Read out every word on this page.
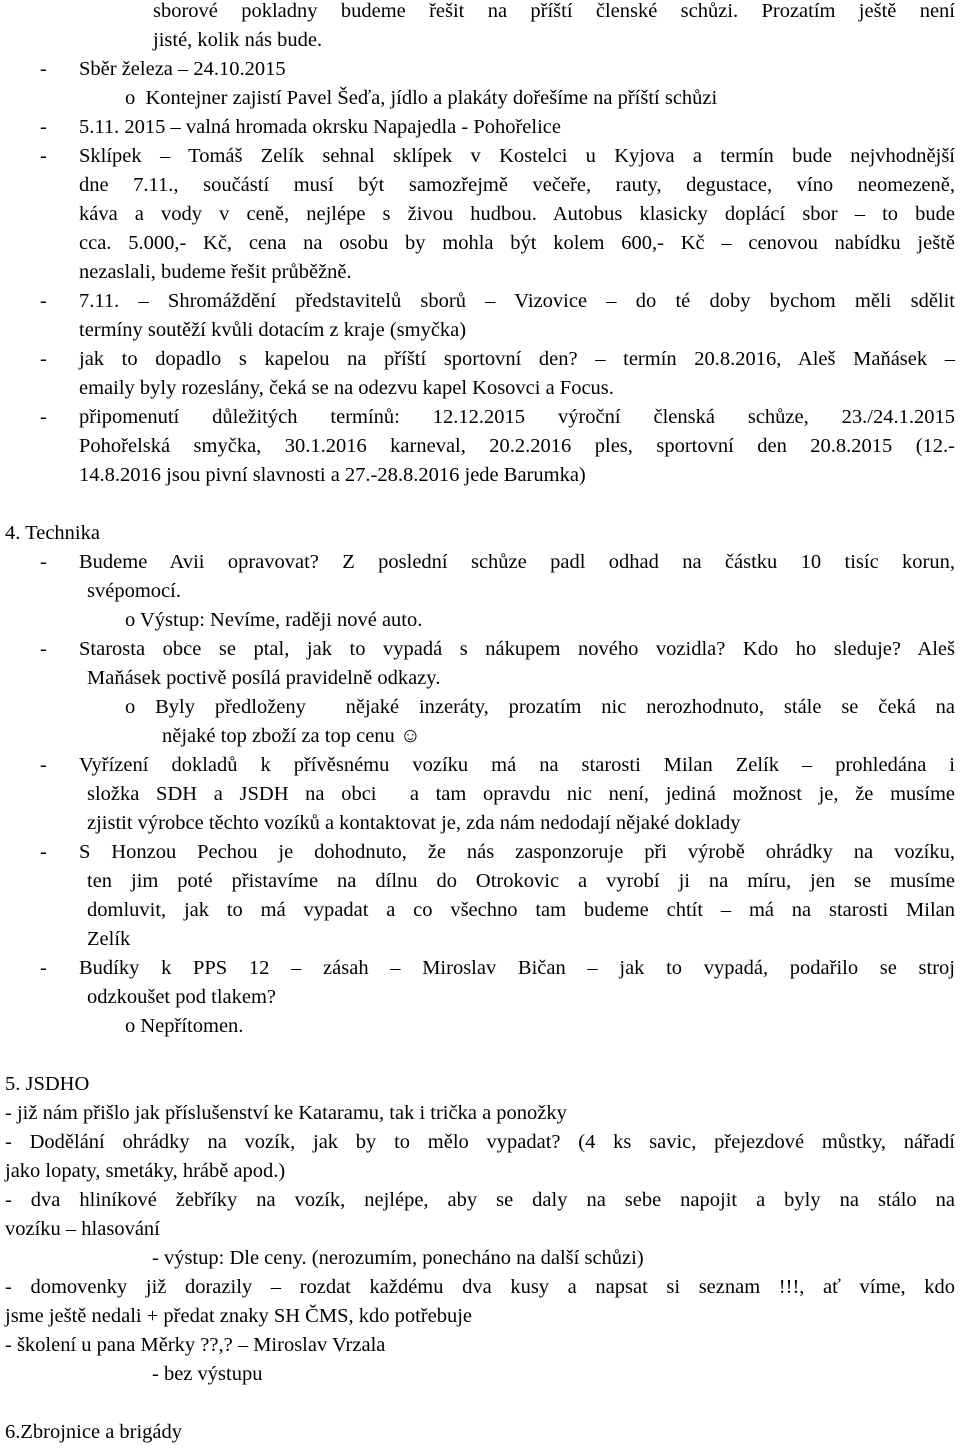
sborové pokladny budeme řešit na příští členské schůzi. Prozatím ještě není
jisté, kolik nás bude.
- Sběr železa – 24.10.2015
o  Kontejner zajistí Pavel Šeďa, jídlo a plakáty dořešíme na příští schůzi
- 5.11. 2015 – valná hromada okrsku Napajedla - Pohořelice
- Sklípek – Tomáš Zelík sehnal sklípek v Kostelci u Kyjova a termín bude nejvhodnější
dne 7.11., součástí musí být samozřejmě večeře, rauty, degustace, víno neomezeně,
káva a vody v ceně, nejlépe s živou hudbou. Autobus klasicky doplácí sbor – to bude
cca. 5.000,- Kč, cena na osobu by mohla být kolem 600,- Kč – cenovou nabídku ještě
nezaslali, budeme řešit průběžně.
- 7.11. – Shromáždění představitelů sborů – Vizovice – do té doby bychom měli sdělit
termíny soutěží kvůli dotacím z kraje (smyčka)
- jak to dopadlo s kapelou na příští sportovní den? – termín 20.8.2016, Aleš Maňásek –
emaily byly rozeslány, čeká se na odezvu kapel Kosovci a Focus.
- připomenutí důležitých termínů: 12.12.2015 výroční členská schůze, 23./24.1.2015
Pohořelská smyčka, 30.1.2016 karneval, 20.2.2016 ples, sportovní den 20.8.2015 (12.-
14.8.2016 jsou pivní slavnosti a 27.-28.8.2016 jede Barumka)
4. Technika
- Budeme Avii opravovat? Z poslední schůze padl odhad na částku 10 tisíc korun,
svépomocí.
o Výstup: Nevíme, raději nové auto.
- Starosta obce se ptal, jak to vypadá s nákupem nového vozidla? Kdo ho sleduje? Aleš
Maňásek poctivě posílá pravidelně odkazy.
o Byly předloženy  nějaké inzeráty, prozatím nic nerozhodnuto, stále se čeká na
nějaké top zboží za top cenu ☺
- Vyřízení dokladů k přívěsnému vozíku má na starosti Milan Zelík – prohledána i
složka SDH a JSDH na obci  a tam opravdu nic není, jediná možnost je, že musíme
zjistit výrobce těchto vozíků a kontaktovat je, zda nám nedodají nějaké doklady
- S Honzou Pechou je dohodnuto, že nás zasponzoruje při výrobě ohrádky na vozíku,
ten jim poté přistavíme na dílnu do Otrokovic a vyrobí ji na míru, jen se musíme
domluvit, jak to má vypadat a co všechno tam budeme chtít – má na starosti Milan
Zelík
- Budíky k PPS 12 – zásah – Miroslav Bičan – jak to vypadá, podařilo se stroj
odzkoušet pod tlakem?
o Nepřítomen.
5. JSDHO
- již nám přišlo jak příslušenství ke Kataramu, tak i trička a ponožky
- Dodělání ohrádky na vozík, jak by to mělo vypadat? (4 ks savic, přejezdové můstky, nářadí
jako lopaty, smetáky, hrábě apod.)
- dva hliníkové žebříky na vozík, nejlépe, aby se daly na sebe napojit a byly na stálo na
vozíku – hlasování
- výstup: Dle ceny. (nerozumím, ponecháno na další schůzi)
- domovenky již dorazily – rozdat každému dva kusy a napsat si seznam !!!, ať víme, kdo
jsme ještě nedali + předat znaky SH ČMS, kdo potřebuje
- školení u pana Měrky ??,? – Miroslav Vrzala
- bez výstupu
6.Zbrojnice a brigády
